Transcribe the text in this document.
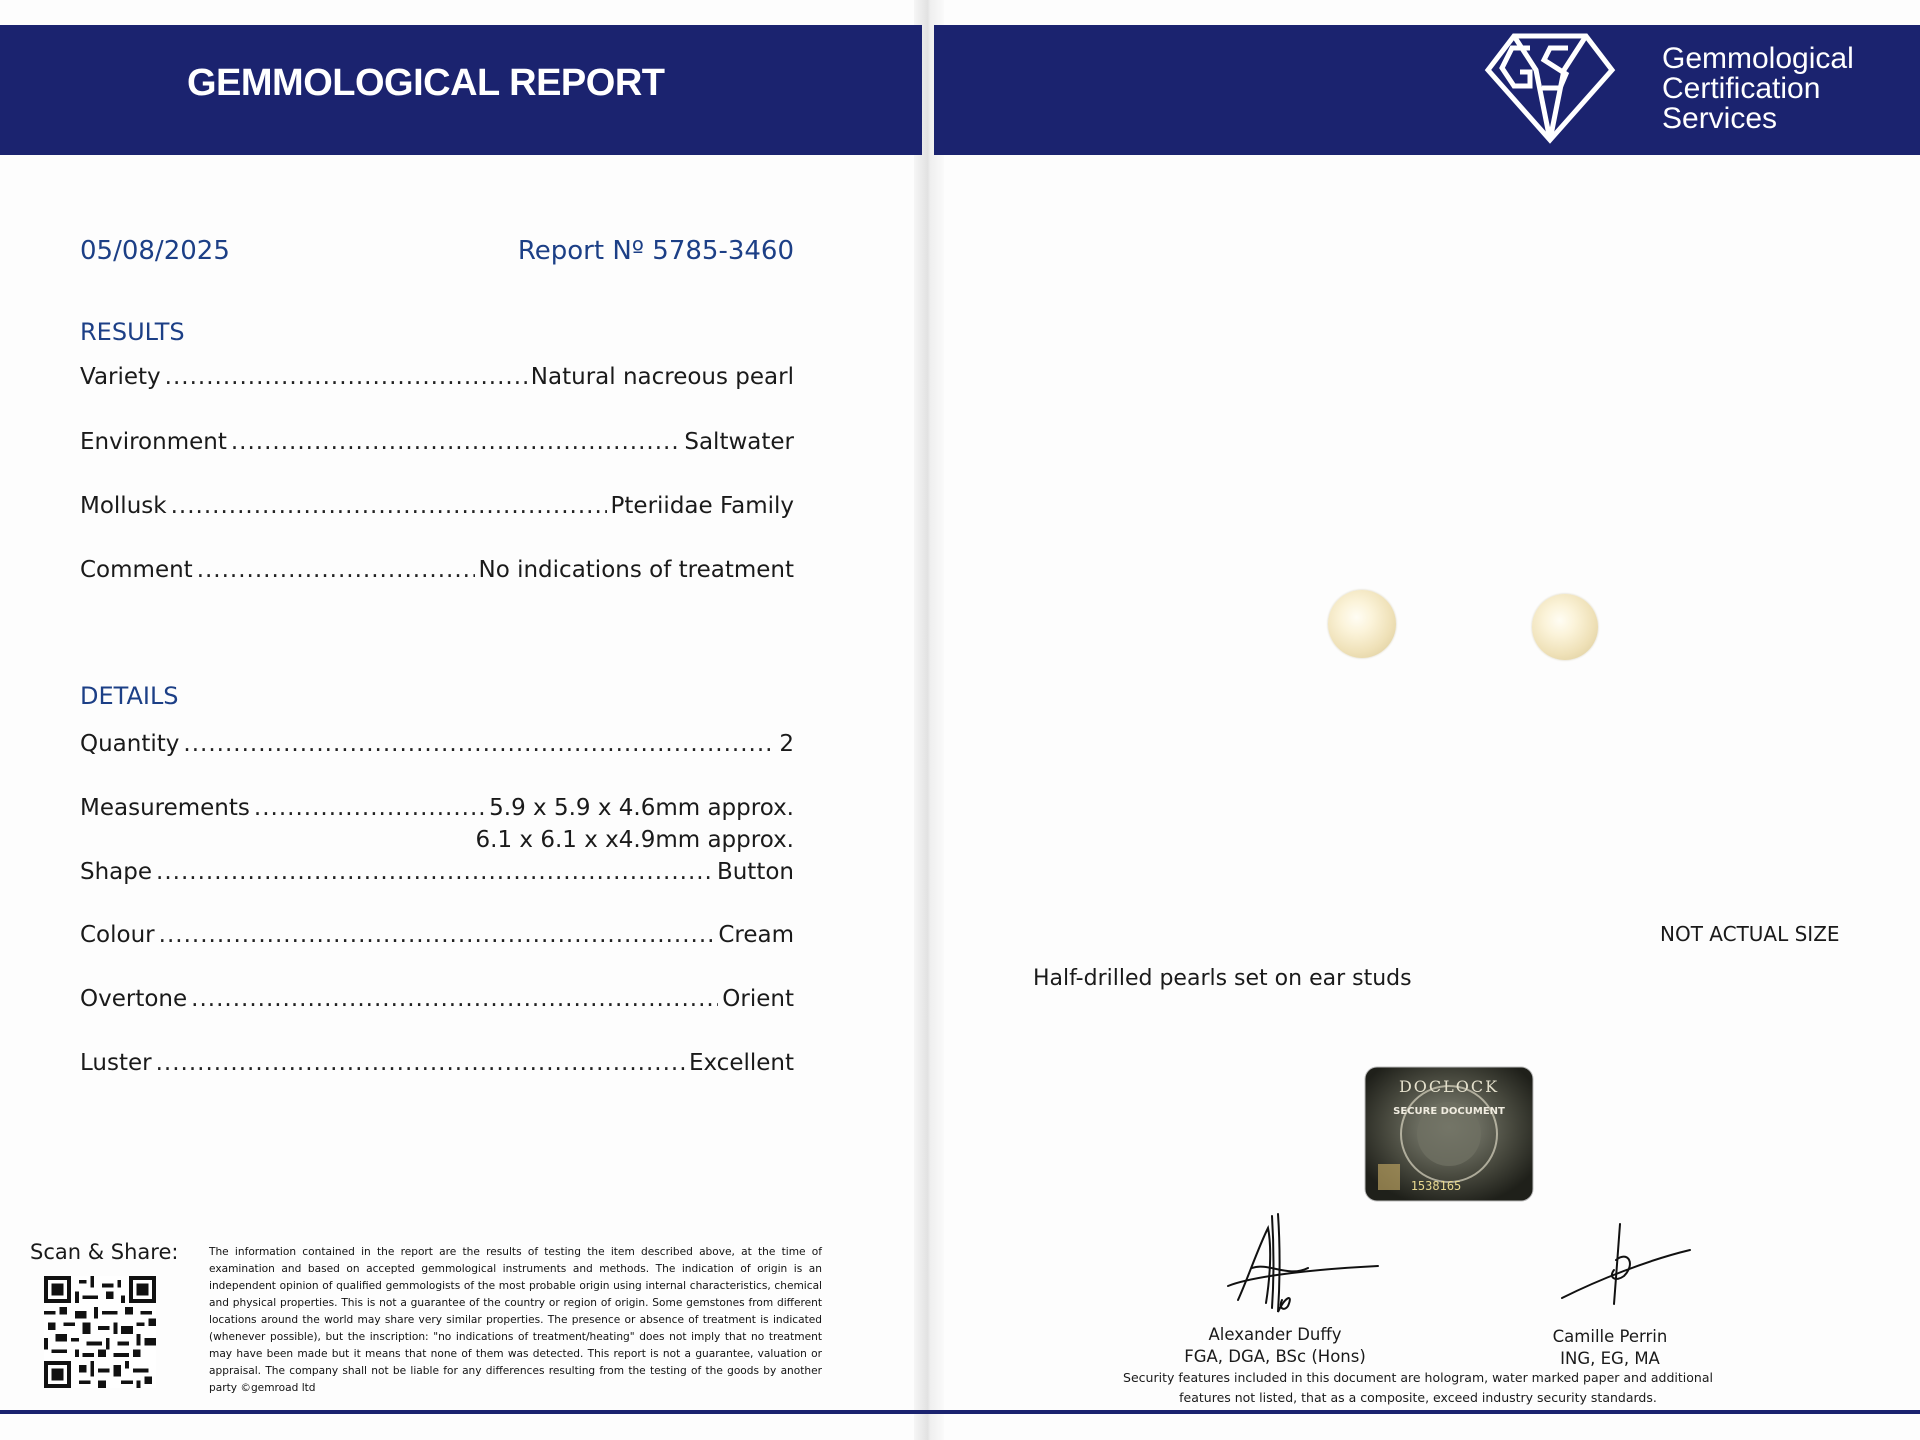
GEMMOLOGICAL REPORT
Gemmological
Certification
Services
05/08/2025	Report Nº 5785-3460
RESULTS
Variety .....	Natural nacreous pearl
Environment .....	Saltwater
Mollusk .....	Pteriidae Family
Comment .....	No indications of treatment
DETAILS
Quantity .....	2
Measurements .....	5.9 x 5.9 x 4.6mm approx.
6.1 x 6.1 x x4.9mm approx.
Shape .....	Button
Colour .....	Cream
Overtone .....	Orient
Luster .....	Excellent
Scan & Share:	The information contained in the report are the results of testing the item described above, at the time of examination and based on accepted gemmological instruments and methods. The indication of origin is an independent opinion of qualified gemmologists of the most probable origin using internal characteristics, chemical and physical properties. This is not a guarantee of the country or region of origin. Some gemstones from different locations around the world may share very similar properties. The presence or absence of treatment is indicated (whenever possible), but the inscription: "no indications of treatment/heating" does not imply that no treatment may have been made but it means that none of them was detected. This report is not a guarantee, valuation or appraisal. The company shall not be liable for any differences resulting from the testing of the goods by another party ©gemroad ltd
NOT ACTUAL SIZE
Half-drilled pearls set on ear studs
DOCLOCK
SECURE DOCUMENT
1538165
Alexander Duffy
FGA, DGA, BSc (Hons)
Camille Perrin
ING, EG, MA
Security features included in this document are hologram, water marked paper and additional features not listed, that as a composite, exceed industry security standards.
